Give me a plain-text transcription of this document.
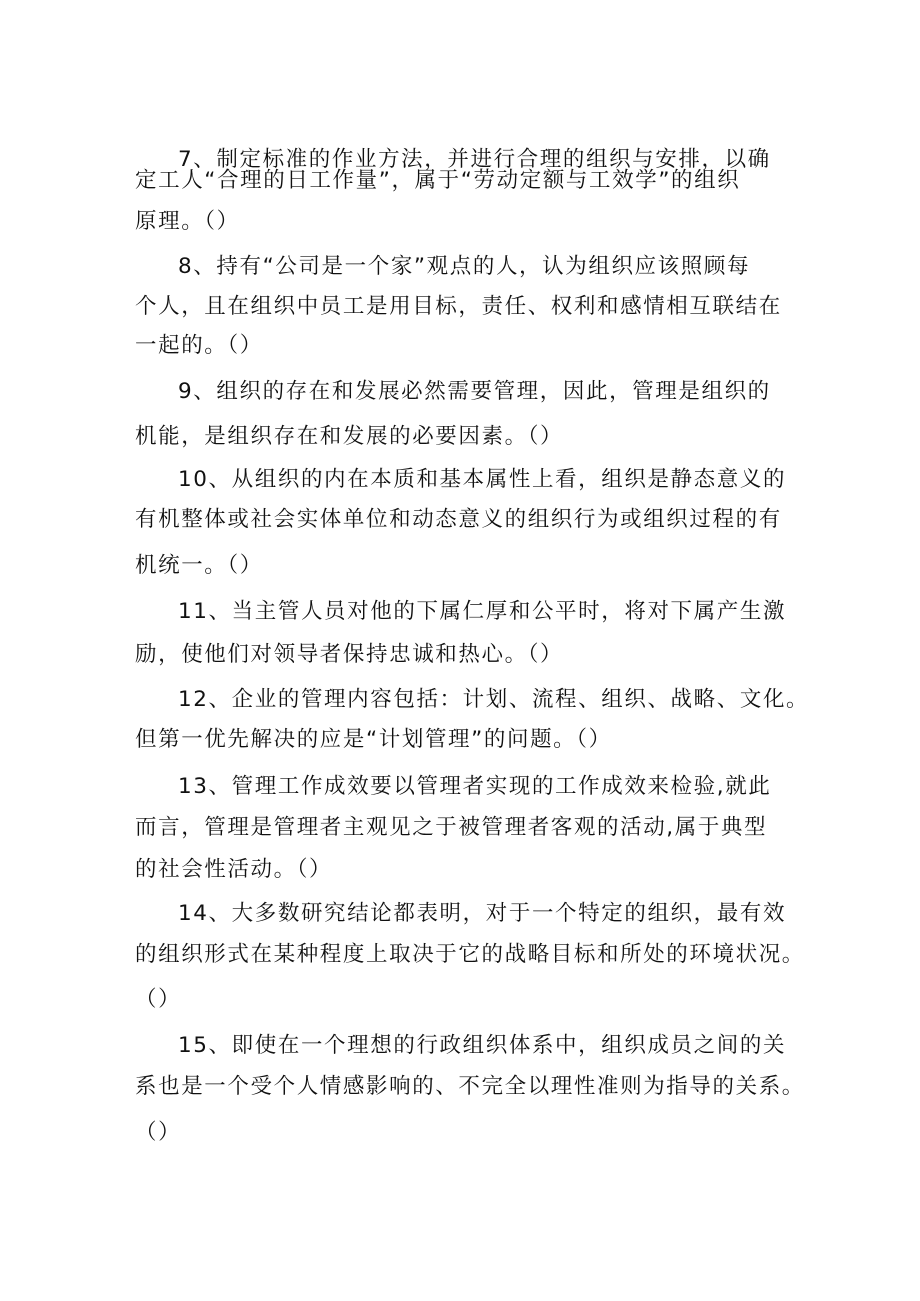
7、制定标准的作业方法，并进行合理的组织与安排，以确
定工人“合理的日工作量”，属于“劳动定额与工效学”的组织
原理。（）
8、持有“公司是一个家”观点的人，认为组织应该照顾每
个人，且在组织中员工是用目标，责任、权利和感情相互联结在
一起的。（）
9、组织的存在和发展必然需要管理，因此，管理是组织的
机能，是组织存在和发展的必要因素。（）
10、从组织的内在本质和基本属性上看，组织是静态意义的
有机整体或社会实体单位和动态意义的组织行为或组织过程的有
机统一。（）
11、当主管人员对他的下属仁厚和公平时，将对下属产生激
励，使他们对领导者保持忠诚和热心。（）
12、企业的管理内容包括：计划、流程、组织、战略、文化。
但第一优先解决的应是“计划管理”的问题。（）
13、管理工作成效要以管理者实现的工作成效来检验,就此
而言，管理是管理者主观见之于被管理者客观的活动,属于典型
的社会性活动。（）
14、大多数研究结论都表明，对于一个特定的组织，最有效
的组织形式在某种程度上取决于它的战略目标和所处的环境状况。
（）
15、即使在一个理想的行政组织体系中，组织成员之间的关
系也是一个受个人情感影响的、不完全以理性准则为指导的关系。
（）
